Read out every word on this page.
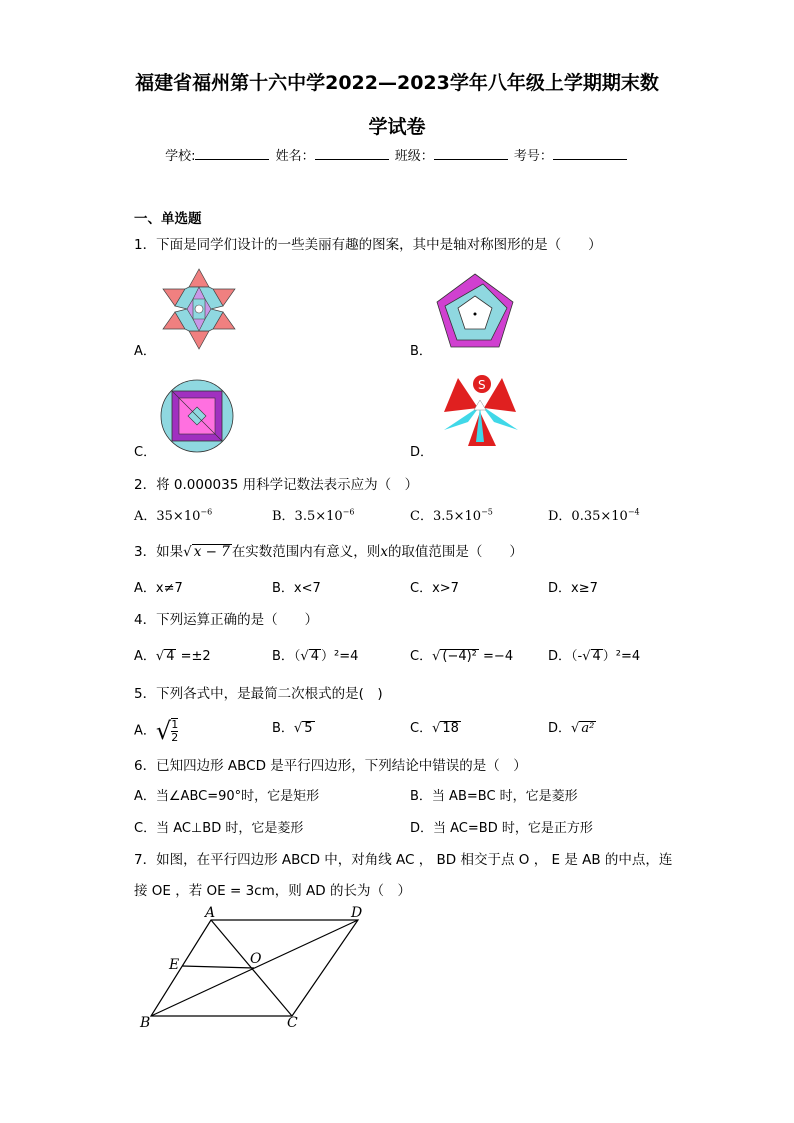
福建省福州第十六中学2022—2023学年八年级上学期期末数
学试卷
学校:	姓名：	班级：	考号：
一、单选题
1．下面是同学们设计的一些美丽有趣的图案，其中是轴对称图形的是（　　）
A．	B．
C．	D．
S
2．将 0.000035 用科学记数法表示应为（　）
A．$35\times 10^{-6}$	B．$3.5\times 10^{-6}$	C．$3.5\times 10^{-5}$	D．$0.35\times 10^{-4}$
3．如果√ x − 7 在实数范围内有意义，则x的取值范围是（　　）
A．x≠7	B．x<7	C．x>7	D．x≥7
4．下列运算正确的是（　　）
A．√ 4 =±2	B．（√ 4 ）²=4	C．√ (−4)² =−4	D．（-√ 4 ）²=4
5．下列各式中，是最简二次根式的是(　)
A．√ $\frac{1}{2}$	B．√ 5	C．√ 18	D．√ a²
6．已知四边形 ABCD 是平行四边形，下列结论中错误的是（　）
A．当∠ABC=90°时，它是矩形	B．当 AB=BC 时，它是菱形
C．当 AC⊥BD 时，它是菱形	D．当 AC=BD 时，它是正方形
7．如图，在平行四边形 ABCD 中，对角线 AC ， BD 相交于点 O ， E 是 AB 的中点，连
接 OE ，若 OE = 3cm，则 AD 的长为（　）
A	D
B	C
E	O
